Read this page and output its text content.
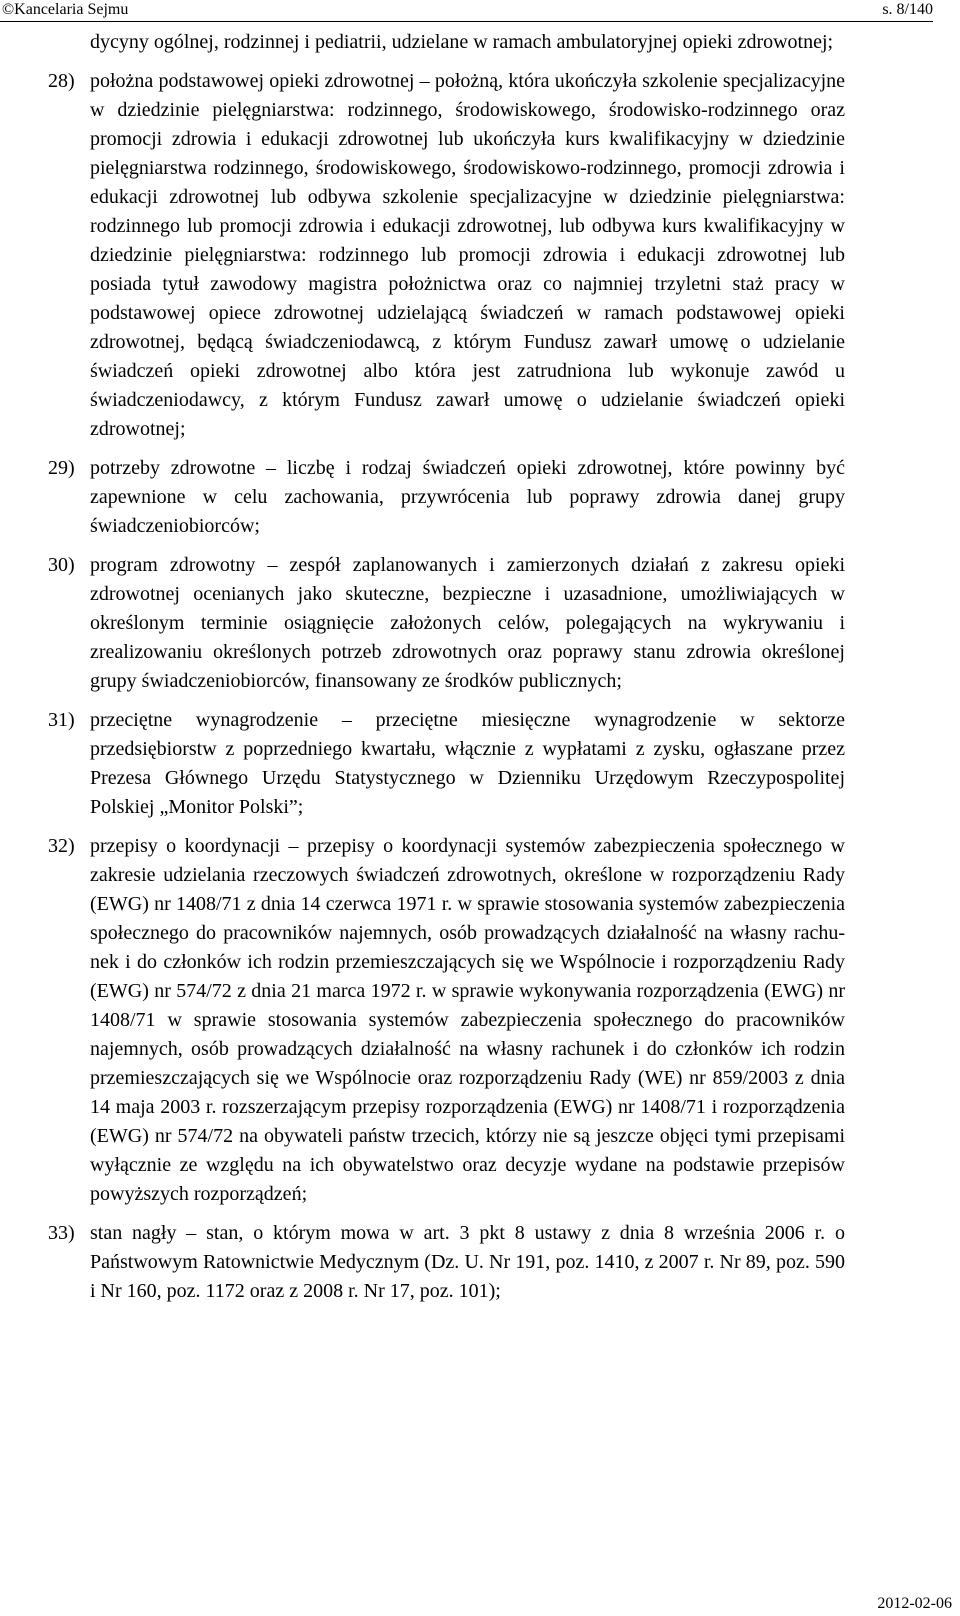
©Kancelaria Sejmu	s. 8/140

dycyny ogólnej, rodzinnej i pediatrii, udzielane w ramach ambulatoryjnej opieki zdrowotnej;

28) położna podstawowej opieki zdrowotnej – położną, która ukończyła szkolenie specjalizacyjne w dziedzinie pielęgniarstwa: rodzinnego, środowiskowego, środowisko-rodzinnego oraz promocji zdrowia i edukacji zdrowotnej lub ukończyła kurs kwalifikacyjny w dziedzinie pielęgniarstwa rodzinnego, środowiskowego, środowiskowo-rodzinnego, promocji zdrowia i edukacji zdrowotnej lub odbywa szkolenie specjalizacyjne w dziedzinie pielęgniarstwa: rodzinnego lub promocji zdrowia i edukacji zdrowotnej, lub odbywa kurs kwalifikacyjny w dziedzinie pielęgniarstwa: rodzinnego lub promocji zdrowia i edukacji zdrowotnej lub posiada tytuł zawodowy magistra położnictwa oraz co najmniej trzyletni staż pracy w podstawowej opiece zdrowotnej udzielającą świadczeń w ramach podstawowej opieki zdrowotnej, będącą świadczeniodawcą, z którym Fundusz zawarł umowę o udzielanie świadczeń opieki zdrowotnej albo która jest zatrudniona lub wykonuje zawód u świadczeniodawcy, z którym Fundusz zawarł umowę o udzielanie świadczeń opieki zdrowotnej;
29) potrzeby zdrowotne – liczbę i rodzaj świadczeń opieki zdrowotnej, które powinny być zapewnione w celu zachowania, przywrócenia lub poprawy zdrowia danej grupy świadczeniobiorców;
30) program zdrowotny – zespół zaplanowanych i zamierzonych działań z zakresu opieki zdrowotnej ocenianych jako skuteczne, bezpieczne i uzasadnione, umożliwiających w określonym terminie osiągnięcie założonych celów, polegających na wykrywaniu i zrealizowaniu określonych potrzeb zdrowotnych oraz poprawy stanu zdrowia określonej grupy świadczeniobiorców, finansowany ze środków publicznych;
31) przeciętne wynagrodzenie – przeciętne miesięczne wynagrodzenie w sektorze przedsiębiorstw z poprzedniego kwartału, włącznie z wypłatami z zysku, ogłaszane przez Prezesa Głównego Urzędu Statystycznego w Dzienniku Urzędowym Rzeczypospolitej Polskiej „Monitor Polski”;
32) przepisy o koordynacji – przepisy o koordynacji systemów zabezpieczenia społecznego w zakresie udzielania rzeczowych świadczeń zdrowotnych, określone w rozporządzeniu Rady (EWG) nr 1408/71 z dnia 14 czerwca 1971 r. w sprawie stosowania systemów zabezpieczenia społecznego do pracowników najemnych, osób prowadzących działalność na własny rachunek i do członków ich rodzin przemieszczających się we Wspólnocie i rozporządzeniu Rady (EWG) nr 574/72 z dnia 21 marca 1972 r. w sprawie wykonywania rozporządzenia (EWG) nr 1408/71 w sprawie stosowania systemów zabezpieczenia społecznego do pracowników najemnych, osób prowadzących działalność na własny rachunek i do członków ich rodzin przemieszczających się we Wspólnocie oraz rozporządzeniu Rady (WE) nr 859/2003 z dnia 14 maja 2003 r. rozszerzającym przepisy rozporządzenia (EWG) nr 1408/71 i rozporządzenia (EWG) nr 574/72 na obywateli państw trzecich, którzy nie są jeszcze objęci tymi przepisami wyłącznie ze względu na ich obywatelstwo oraz decyzje wydane na podstawie przepisów powyższych rozporządzeń;
33) stan nagły – stan, o którym mowa w art. 3 pkt 8 ustawy z dnia 8 września 2006 r. o Państwowym Ratownictwie Medycznym (Dz. U. Nr 191, poz. 1410, z 2007 r. Nr 89, poz. 590 i Nr 160, poz. 1172 oraz z 2008 r. Nr 17, poz. 101);
2012-02-06
